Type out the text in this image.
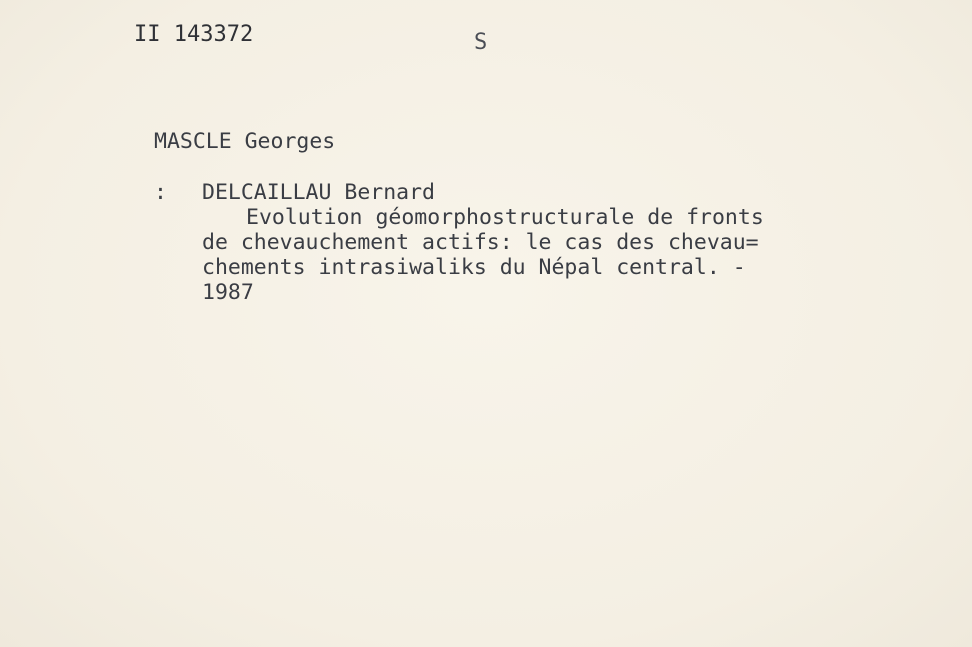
II 143372	S
MASCLE Georges
: DELCAILLAU Bernard
Evolution géomorphostructurale de fronts
de chevauchement actifs: le cas des chevau=
chements intrasiwaliks du Népal central. -
1987
